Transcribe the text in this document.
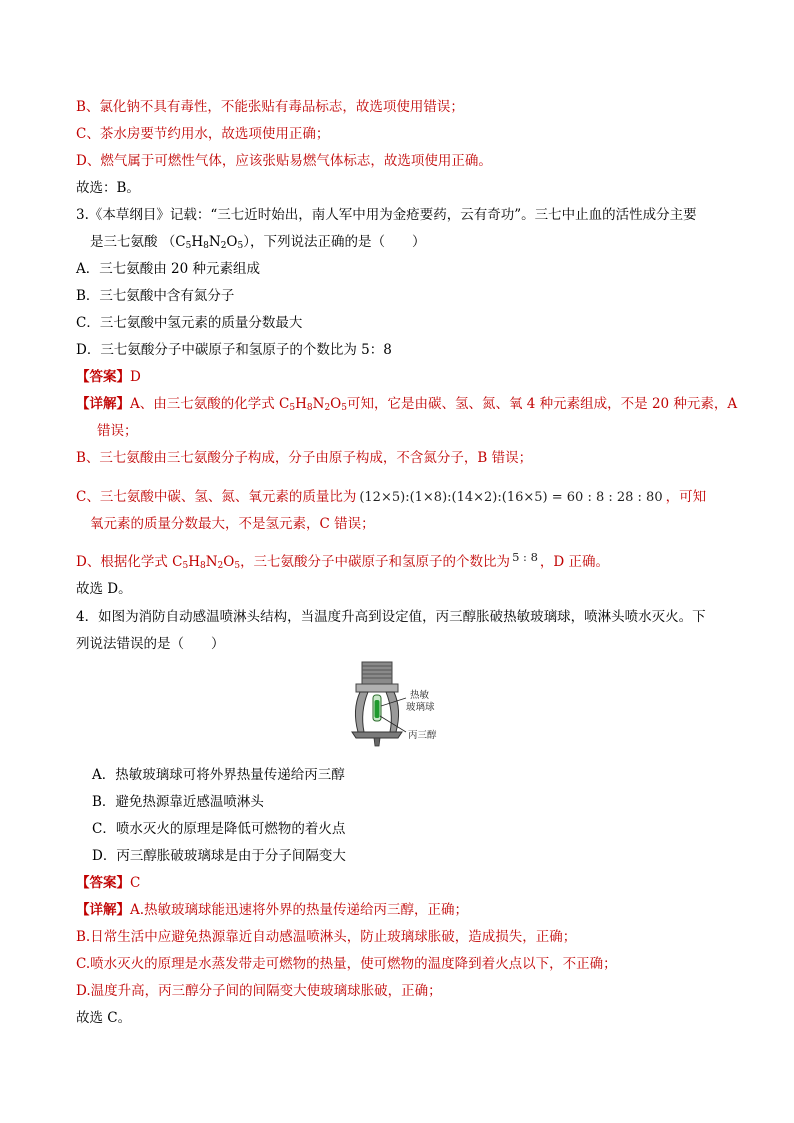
B、氯化钠不具有毒性，不能张贴有毒品标志，故选项使用错误；
C、茶水房要节约用水，故选项使用正确；
D、燃气属于可燃性气体，应该张贴易燃气体标志，故选项使用正确。
故选：B。
3.《本草纲目》记载：“三七近时始出，南人军中用为金疮要药，云有奇功”。三七中止血的活性成分主要
是三七氨酸 $(C_5H_8N_2O_5)$，下列说法正确的是（　　）
A．三七氨酸由 20 种元素组成
B．三七氨酸中含有氮分子
C．三七氨酸中氢元素的质量分数最大
D．三七氨酸分子中碳原子和氢原子的个数比为 5：8
【答案】D
【详解】A、由三七氨酸的化学式 $C_5H_8N_2O_5$可知，它是由碳、氢、氮、氧 4 种元素组成，不是 20 种元素，A
错误；
B、三七氨酸由三七氨酸分子构成，分子由原子构成，不含氮分子，B 错误；
C、三七氨酸中碳、氢、氮、氧元素的质量比为 (12×5):(1×8):(14×2):(16×5) = 60 : 8 : 28 : 80 ，可知
氧元素的质量分数最大，不是氢元素，C 错误；
D、根据化学式 $C_5H_8N_2O_5$，三七氨酸分子中碳原子和氢原子的个数比为 5 : 8 ，D 正确。
故选 D。
4．如图为消防自动感温喷淋头结构，当温度升高到设定值，丙三醇胀破热敏玻璃球，喷淋头喷水灭火。下
列说法错误的是（　　）
热敏
玻璃球
丙三醇
A．热敏玻璃球可将外界热量传递给丙三醇
B．避免热源靠近感温喷淋头
C．喷水灭火的原理是降低可燃物的着火点
D．丙三醇胀破玻璃球是由于分子间隔变大
【答案】C
【详解】A.热敏玻璃球能迅速将外界的热量传递给丙三醇，正确；
B.日常生活中应避免热源靠近自动感温喷淋头，防止玻璃球胀破，造成损失，正确；
C.喷水灭火的原理是水蒸发带走可燃物的热量，使可燃物的温度降到着火点以下，不正确；
D.温度升高，丙三醇分子间的间隔变大使玻璃球胀破，正确；
故选 C。
